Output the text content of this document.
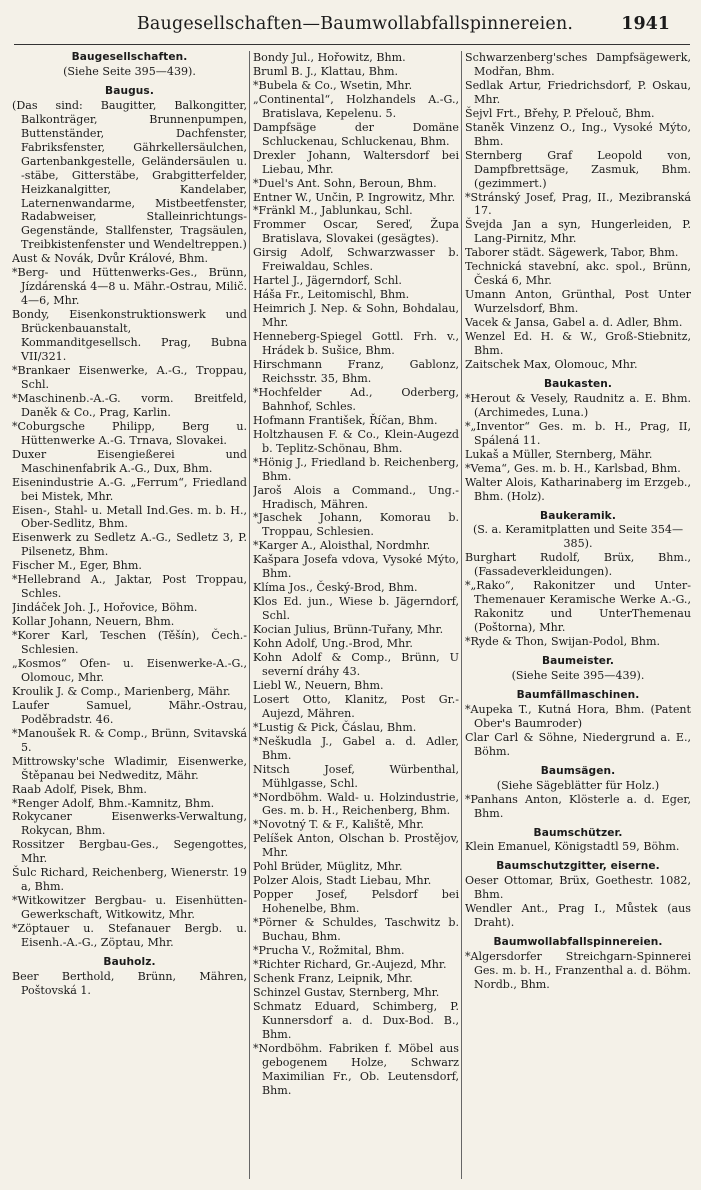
Baugesellschaften—Baumwollabfallspinnereien.	1941
Baugesellschaften.
(Siehe Seite 395—439).
Baugus.
(Das sind: Baugitter, Balkongitter, Balkonträger, Brunnenpumpen, Buttenständer, Dachfenster, Fabriksfenster, Gährkellersäulchen, Gartenbankgestelle, Geländersäulen u. -stäbe, Gitterstäbe, Grabgitterfelder, Heizkanalgitter, Kandelaber, Laternenwandarme, Mistbeetfenster, Radabweiser, Stalleinrichtungs-Gegenstände, Stallfenster, Tragsäulen, Treibkistenfenster und Wendeltreppen.)
Aust & Novák, Dvůr Králové, Bhm.
*Berg- und Hüttenwerks-Ges., Brünn, Jízdárenská 4—8 u. Mähr.-Ostrau, Milič. 4—6, Mhr.
Bondy, Eisenkonstruktionswerk und Brückenbauanstalt, Kommanditgesellsch. Prag, Bubna VII/321.
*Brankaer Eisenwerke, A.-G., Troppau, Schl.
*Maschinenb.-A.-G. vorm. Breitfeld, Daněk & Co., Prag, Karlin.
*Coburgsche Philipp, Berg u. Hüttenwerke A.-G. Trnava, Slovakei.
Duxer Eisengießerei und Maschinenfabrik A.-G., Dux, Bhm.
Eisenindustrie A.-G. „Ferrum“, Friedland bei Mistek, Mhr.
Eisen-, Stahl- u. Metall Ind.Ges. m. b. H., Ober-Sedlitz, Bhm.
Eisenwerk zu Sedletz A.-G., Sedletz 3, P. Pilsenetz, Bhm.
Fischer M., Eger, Bhm.
*Hellebrand A., Jaktar, Post Troppau, Schles.
Jindáček Joh. J., Hořovice, Böhm.
Kollar Johann, Neuern, Bhm.
*Korer Karl, Teschen (Těšín), Čech.-Schlesien.
„Kosmos“ Ofen- u. Eisenwerke-A.-G., Olomouc, Mhr.
Kroulik J. & Comp., Marienberg, Mähr.
Laufer Samuel, Mähr.-Ostrau, Poděbradstr. 46.
*Manoušek R. & Comp., Brünn, Svitavská 5.
Mittrowsky'sche Wladimir, Eisenwerke, Štěpanau bei Nedweditz, Mähr.
Raab Adolf, Pisek, Bhm.
*Renger Adolf, Bhm.-Kamnitz, Bhm.
Rokycaner Eisenwerks-Verwaltung, Rokycan, Bhm.
Rossitzer Bergbau-Ges., Segengottes, Mhr.
Šulc Richard, Reichenberg, Wienerstr. 19 a, Bhm.
*Witkowitzer Bergbau- u. Eisenhütten-Gewerkschaft, Witkowitz, Mhr.
*Zöptauer u. Stefanauer Bergb. u. Eisenh.-A.-G., Zöptau, Mhr.
Bauholz.
Beer Berthold, Brünn, Mähren, Poštovská 1.
Bondy Jul., Hořowitz, Bhm.
Bruml B. J., Klattau, Bhm.
*Bubela & Co., Wsetin, Mhr.
„Continental“, Holzhandels A.-G., Bratislava, Kepelenu. 5.
Dampfsäge der Domäne Schluckenau, Schluckenau, Bhm.
Drexler Johann, Waltersdorf bei Liebau, Mhr.
*Duel's Ant. Sohn, Beroun, Bhm.
Entner W., Unčin, P. Ingrowitz, Mhr.
*Fränkl M., Jablunkau, Schl.
Frommer Oscar, Sereď, Župa Bratislava, Slovakei (gesägtes).
Girsig Adolf, Schwarzwasser b. Freiwaldau, Schles.
Hartel J., Jägerndorf, Schl.
Háša Fr., Leitomischl, Bhm.
Heimrich J. Nep. & Sohn, Bohdalau, Mhr.
Henneberg-Spiegel Gottl. Frh. v., Hrádek b. Sušice, Bhm.
Hirschmann Franz, Gablonz, Reichsstr. 35, Bhm.
*Hochfelder Ad., Oderberg, Bahnhof, Schles.
Hofmann František, Říčan, Bhm.
Holtzhausen F. & Co., Klein-Augezd b. Teplitz-Schönau, Bhm.
*Hönig J., Friedland b. Reichenberg, Bhm.
Jaroš Alois a Command., Ung.-Hradisch, Mähren.
*Jaschek Johann, Komorau b. Troppau, Schlesien.
*Karger A., Aloisthal, Nordmhr.
Kašpara Josefa vdova, Vysoké Mýto, Bhm.
Klíma Jos., Český-Brod, Bhm.
Klos Ed. jun., Wiese b. Jägerndorf, Schl.
Kocian Julius, Brünn-Tuřany, Mhr.
Kohn Adolf, Ung.-Brod, Mhr.
Kohn Adolf & Comp., Brünn, U severní dráhy 43.
Liebl W., Neuern, Bhm.
Losert Otto, Klanitz, Post Gr.-Aujezd, Mähren.
*Lustig & Pick, Čáslau, Bhm.
*Neškudla J., Gabel a. d. Adler, Bhm.
Nitsch Josef, Würbenthal, Mühlgasse, Schl.
*Nordböhm. Wald- u. Holzindustrie, Ges. m. b. H., Reichenberg, Bhm.
*Novotný T. & F., Kaliště, Mhr.
Pelíšek Anton, Olschan b. Prostějov, Mhr.
Pohl Brüder, Müglitz, Mhr.
Polzer Alois, Stadt Liebau, Mhr.
Popper Josef, Pelsdorf bei Hohenelbe, Bhm.
*Pörner & Schuldes, Taschwitz b. Buchau, Bhm.
*Prucha V., Rožmital, Bhm.
*Richter Richard, Gr.-Aujezd, Mhr.
Schenk Franz, Leipnik, Mhr.
Schinzel Gustav, Sternberg, Mhr.
Schmatz Eduard, Schimberg, P. Kunnersdorf a. d. Dux-Bod. B., Bhm.
*Nordböhm. Fabriken f. Möbel aus gebogenem Holze, Schwarz Maximilian Fr., Ob. Leutensdorf, Bhm.
Schwarzenberg'sches Dampfsägewerk, Modřan, Bhm.
Sedlak Artur, Friedrichsdorf, P. Oskau, Mhr.
Šejvl Frt., Břehy, P. Přelouč, Bhm.
Staněk Vinzenz O., Ing., Vysoké Mýto, Bhm.
Sternberg Graf Leopold von, Dampfbrettsäge, Zasmuk, Bhm. (gezimmert.)
*Stránský Josef, Prag, II., Mezibranská 17.
Švejda Jan a syn, Hungerleiden, P. Lang-Pirnitz, Mhr.
Taborer städt. Sägewerk, Tabor, Bhm.
Technická stavební, akc. spol., Brünn, Česká 6, Mhr.
Umann Anton, Grünthal, Post Unter Wurzelsdorf, Bhm.
Vacek & Jansa, Gabel a. d. Adler, Bhm.
Wenzel Ed. H. & W., Groß-Stiebnitz, Bhm.
Zaitschek Max, Olomouc, Mhr.
Baukasten.
*Herout & Vesely, Raudnitz a. E. Bhm. (Archimedes, Luna.)
*„Inventor“ Ges. m. b. H., Prag, II, Spálená 11.
Lukaš a Müller, Sternberg, Mähr.
*Vema“, Ges. m. b. H., Karlsbad, Bhm.
Walter Alois, Katharinaberg im Erzgeb., Bhm. (Holz).
Baukeramik.
(S. a. Keramitplatten und Seite 354—385).
Burghart Rudolf, Brüx, Bhm., (Fassadeverkleidungen).
*„Rako“, Rakonitzer und Unter-Themenauer Keramische Werke A.-G., Rakonitz und UnterThemenau (Poštorna), Mhr.
*Ryde & Thon, Swijan-Podol, Bhm.
Baumeister.
(Siehe Seite 395—439).
Baumfällmaschinen.
*Aupeka T., Kutná Hora, Bhm. (Patent Ober's Baumroder)
Clar Carl & Söhne, Niedergrund a. E., Böhm.
Baumsägen.
(Siehe Sägeblätter für Holz.)
*Panhans Anton, Klösterle a. d. Eger, Bhm.
Baumschützer.
Klein Emanuel, Königstadtl 59, Böhm.
Baumschutzgitter, eiserne.
Oeser Ottomar, Brüx, Goethestr. 1082, Bhm.
Wendler Ant., Prag I., Můstek (aus Draht).
Baumwollabfallspinnereien.
*Algersdorfer Streichgarn-Spinnerei Ges. m. b. H., Franzenthal a. d. Böhm. Nordb., Bhm.
